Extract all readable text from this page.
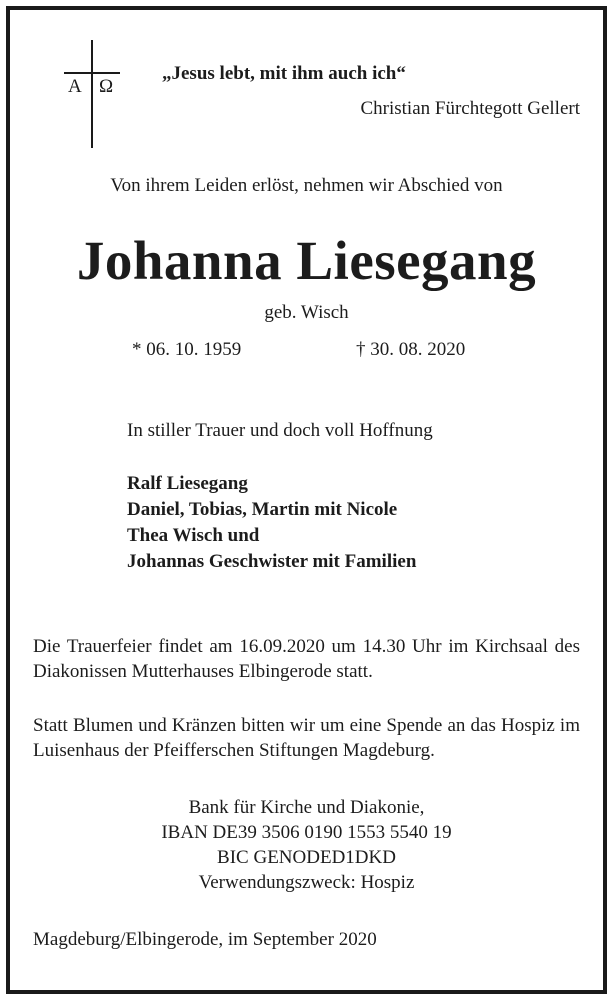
A Ω
„Jesus lebt, mit ihm auch ich“
Christian Fürchtegott Gellert
Von ihrem Leiden erlöst, nehmen wir Abschied von
Johanna Liesegang
geb. Wisch
* 06. 10. 1959	† 30. 08. 2020
In stiller Trauer und doch voll Hoffnung
Ralf Liesegang
Daniel, Tobias, Martin mit Nicole
Thea Wisch und
Johannas Geschwister mit Familien
Die Trauerfeier findet am 16.09.2020 um 14.30 Uhr im Kirchsaal des Diakonissen Mutterhauses Elbingerode statt.
Statt Blumen und Kränzen bitten wir um eine Spende an das Hospiz im Luisenhaus der Pfeifferschen Stiftungen Magdeburg.
Bank für Kirche und Diakonie,
IBAN DE39 3506 0190 1553 5540 19
BIC GENODED1DKD
Verwendungszweck: Hospiz
Magdeburg/Elbingerode, im September 2020
